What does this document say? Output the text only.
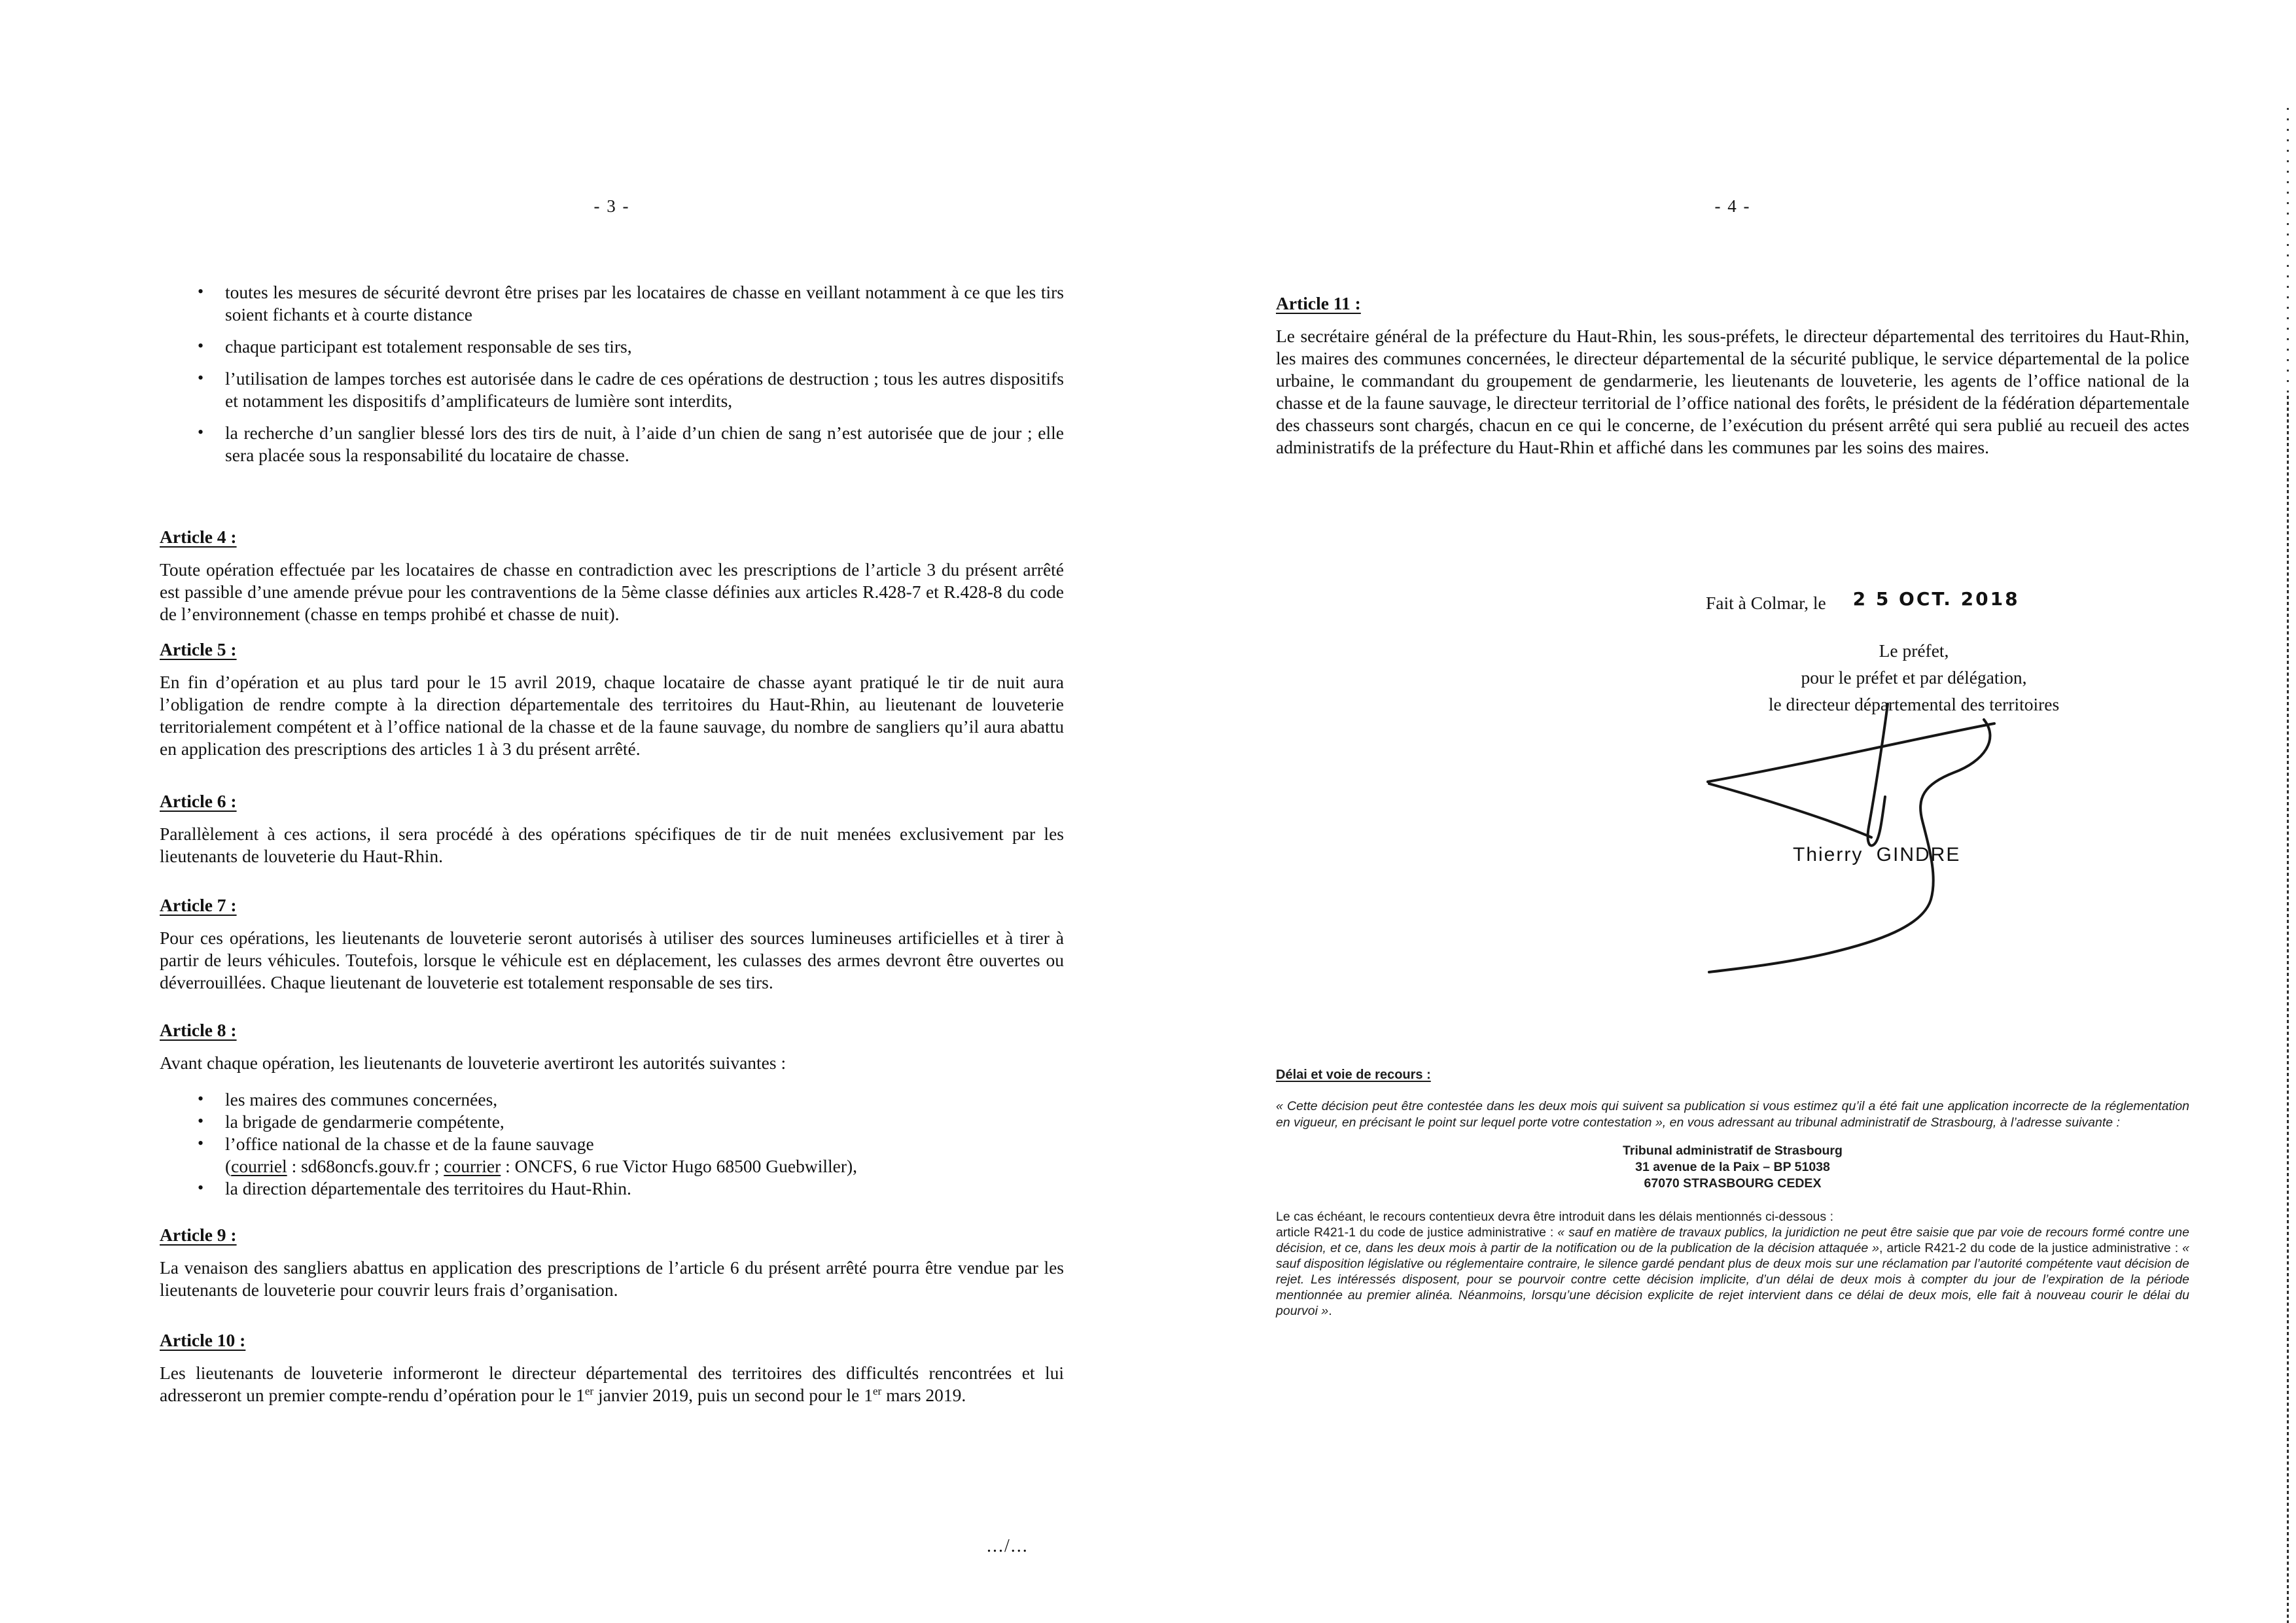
- 3 -
• toutes les mesures de sécurité devront être prises par les locataires de chasse en veillant notamment à ce que les tirs soient fichants et à courte distance
• chaque participant est totalement responsable de ses tirs,
• l’utilisation de lampes torches est autorisée dans le cadre de ces opérations de destruction ; tous les autres dispositifs et notamment les dispositifs d’amplificateurs de lumière sont interdits,
• la recherche d’un sanglier blessé lors des tirs de nuit, à l’aide d’un chien de sang n’est autorisée que de jour ; elle sera placée sous la responsabilité du locataire de chasse.
Article 4 :

Toute opération effectuée par les locataires de chasse en contradiction avec les prescriptions de l’article 3 du présent arrêté est passible d’une amende prévue pour les contraventions de la 5ème classe définies aux articles R.428-7 et R.428-8 du code de l’environnement (chasse en temps prohibé et chasse de nuit).

Article 5 :

En fin d’opération et au plus tard pour le 15 avril 2019, chaque locataire de chasse ayant pratiqué le tir de nuit aura l’obligation de rendre compte à la direction départementale des territoires du Haut-Rhin, au lieutenant de louveterie territorialement compétent et à l’office national de la chasse et de la faune sauvage, du nombre de sangliers qu’il aura abattu en application des prescriptions des articles 1 à 3 du présent arrêté.

Article 6 :

Parallèlement à ces actions, il sera procédé à des opérations spécifiques de tir de nuit menées exclusivement par les lieutenants de louveterie du Haut-Rhin.

Article 7 :

Pour ces opérations, les lieutenants de louveterie seront autorisés à utiliser des sources lumineuses artificielles et à tirer à partir de leurs véhicules. Toutefois, lorsque le véhicule est en déplacement, les culasses des armes devront être ouvertes ou déverrouillées. Chaque lieutenant de louveterie est totalement responsable de ses tirs.

Article 8 :

Avant chaque opération, les lieutenants de louveterie avertiront les autorités suivantes :

• les maires des communes concernées,
• la brigade de gendarmerie compétente,
• l’office national de la chasse et de la faune sauvage
(courriel : sd68oncfs.gouv.fr ; courrier : ONCFS, 6 rue Victor Hugo 68500 Guebwiller),
• la direction départementale des territoires du Haut-Rhin.
Article 9 :

La venaison des sangliers abattus en application des prescriptions de l’article 6 du présent arrêté pourra être vendue par les lieutenants de louveterie pour couvrir leurs frais d’organisation.

Article 10 :

Les lieutenants de louveterie informeront le directeur départemental des territoires des difficultés rencontrées et lui adresseront un premier compte-rendu d’opération pour le 1er janvier 2019, puis un second pour le 1er mars 2019.

.../...
- 4 -
Article 11 :

Le secrétaire général de la préfecture du Haut-Rhin, les sous-préfets, le directeur départemental des territoires du Haut-Rhin, les maires des communes concernées, le directeur départemental de la sécurité publique, le service départemental de la police urbaine, le commandant du groupement de gendarmerie, les lieutenants de louveterie, les agents de l’office national de la chasse et de la faune sauvage, le directeur territorial de l’office national des forêts, le président de la fédération départementale des chasseurs sont chargés, chacun en ce qui le concerne, de l’exécution du présent arrêté qui sera publié au recueil des actes administratifs de la préfecture du Haut-Rhin et affiché dans les communes par les soins des maires.

Fait à Colmar, le 2 5 OCT. 2018
Le préfet,
pour le préfet et par délégation,
le directeur départemental des territoires
Thierry GINDRE
Délai et voie de recours :

« Cette décision peut être contestée dans les deux mois qui suivent sa publication si vous estimez qu’il a été fait une application incorrecte de la réglementation en vigueur, en précisant le point sur lequel porte votre contestation », en vous adressant au tribunal administratif de Strasbourg, à l’adresse suivante :

Tribunal administratif de Strasbourg
31 avenue de la Paix – BP 51038
67070 STRASBOURG CEDEX

Le cas échéant, le recours contentieux devra être introduit dans les délais mentionnés ci-dessous :

article R421-1 du code de justice administrative : « sauf en matière de travaux publics, la juridiction ne peut être saisie que par voie de recours formé contre une décision, et ce, dans les deux mois à partir de la notification ou de la publication de la décision attaquée », article R421-2 du code de la justice administrative : « sauf disposition législative ou réglementaire contraire, le silence gardé pendant plus de deux mois sur une réclamation par l’autorité compétente vaut décision de rejet. Les intéressés disposent, pour se pourvoir contre cette décision implicite, d’un délai de deux mois à compter du jour de l’expiration de la période mentionnée au premier alinéa. Néanmoins, lorsqu’une décision explicite de rejet intervient dans ce délai de deux mois, elle fait à nouveau courir le délai du pourvoi ».
